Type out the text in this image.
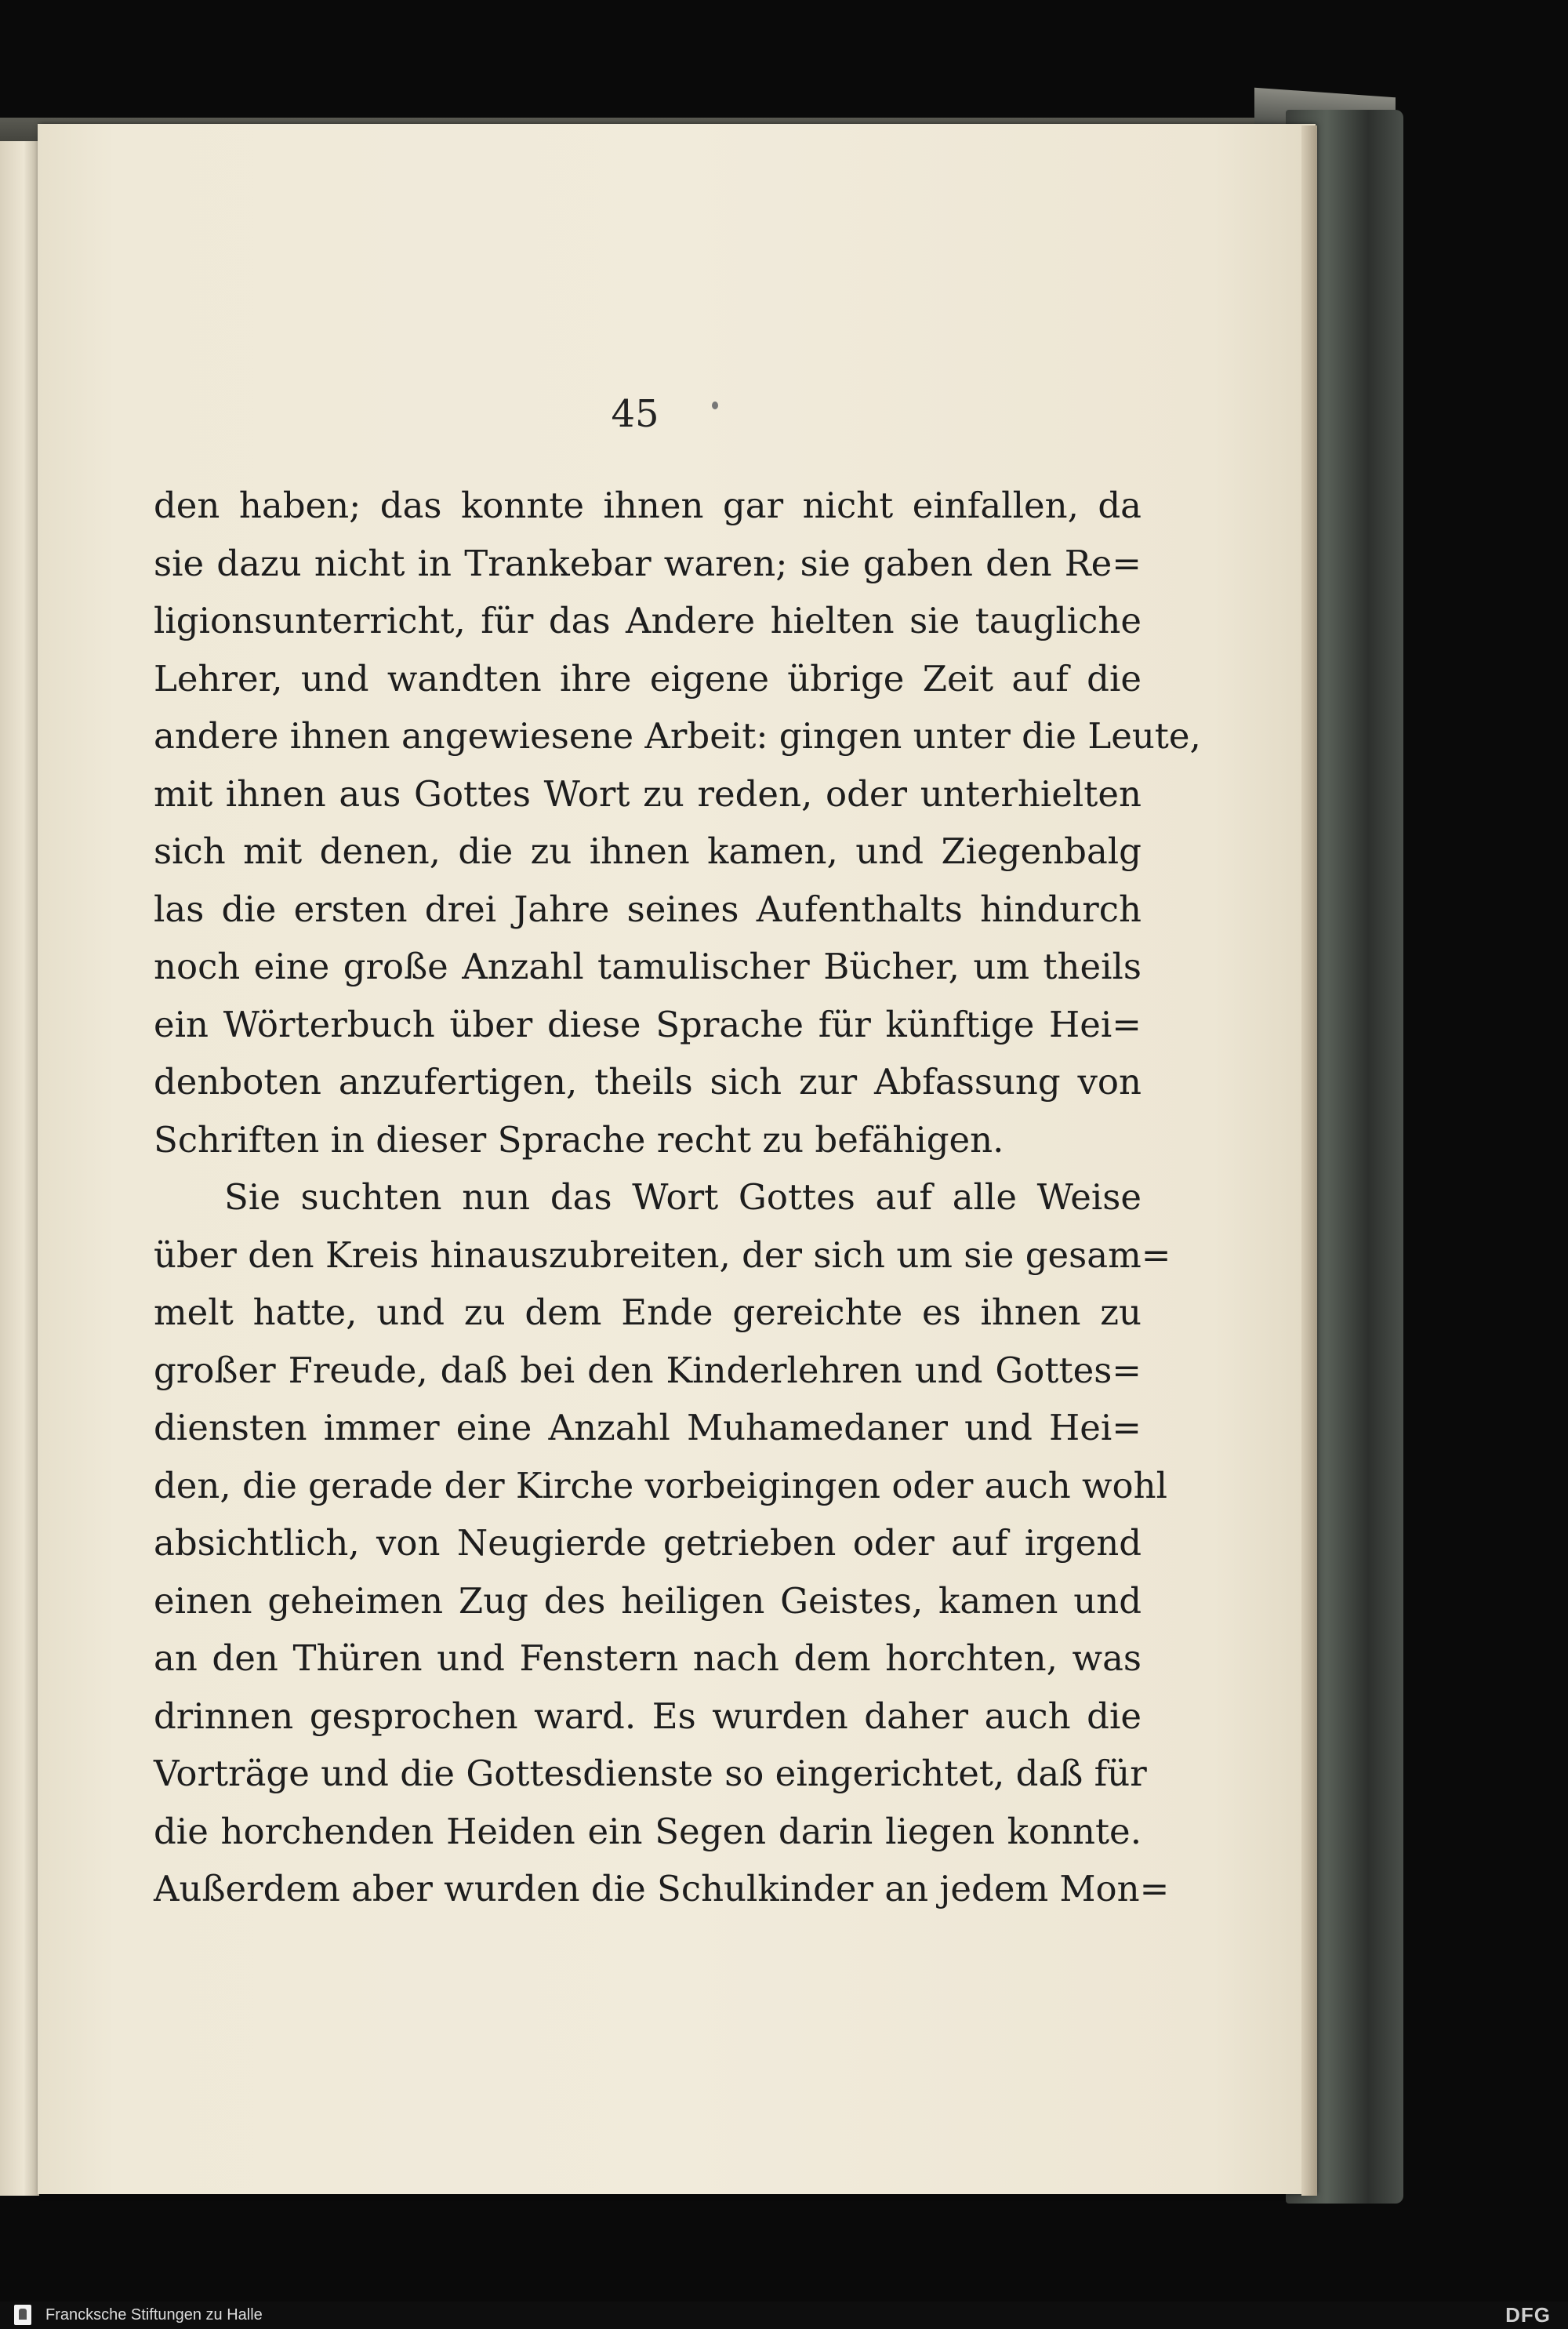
45
den haben; das konnte ihnen gar nicht einfallen, da
sie dazu nicht in Trankebar waren; sie gaben den Re=
ligionsunterricht, für das Andere hielten sie taugliche
Lehrer, und wandten ihre eigene übrige Zeit auf die
andere ihnen angewiesene Arbeit: gingen unter die Leute,
mit ihnen aus Gottes Wort zu reden, oder unterhielten
sich mit denen, die zu ihnen kamen, und Ziegenbalg
las die ersten drei Jahre seines Aufenthalts hindurch
noch eine große Anzahl tamulischer Bücher, um theils
ein Wörterbuch über diese Sprache für künftige Hei=
denboten anzufertigen, theils sich zur Abfassung von
Schriften in dieser Sprache recht zu befähigen.
Sie suchten nun das Wort Gottes auf alle Weise
über den Kreis hinauszubreiten, der sich um sie gesam=
melt hatte, und zu dem Ende gereichte es ihnen zu
großer Freude, daß bei den Kinderlehren und Gottes=
diensten immer eine Anzahl Muhamedaner und Hei=
den, die gerade der Kirche vorbeigingen oder auch wohl
absichtlich, von Neugierde getrieben oder auf irgend
einen geheimen Zug des heiligen Geistes, kamen und
an den Thüren und Fenstern nach dem horchten, was
drinnen gesprochen ward. Es wurden daher auch die
Vorträge und die Gottesdienste so eingerichtet, daß für
die horchenden Heiden ein Segen darin liegen konnte.
Außerdem aber wurden die Schulkinder an jedem Mon=
Francksche Stiftungen zu Halle	DFG
